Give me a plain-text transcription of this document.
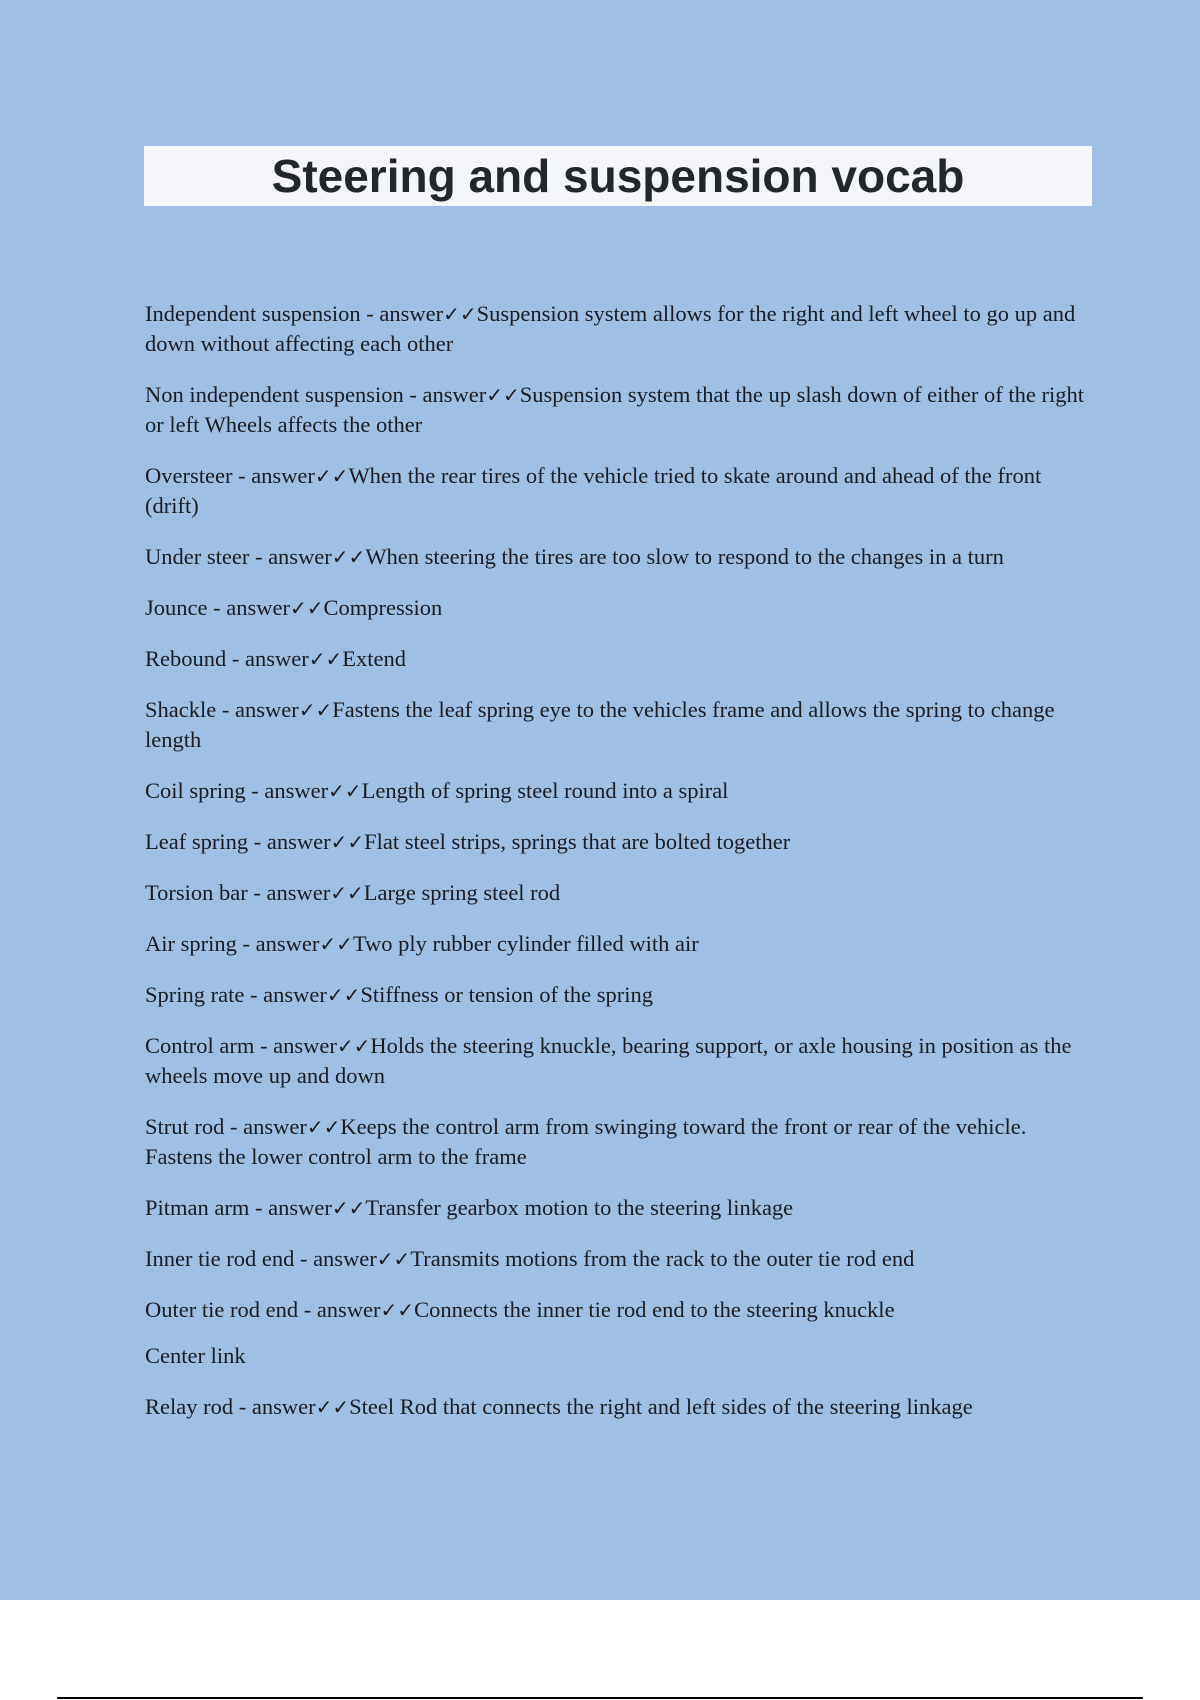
Steering and suspension vocab

Independent suspension - answer✓✓Suspension system allows for the right and left wheel to go up and down without affecting each other

Non independent suspension - answer✓✓Suspension system that the up slash down of either of the right or left Wheels affects the other

Oversteer - answer✓✓When the rear tires of the vehicle tried to skate around and ahead of the front (drift)

Under steer - answer✓✓When steering the tires are too slow to respond to the changes in a turn

Jounce - answer✓✓Compression

Rebound - answer✓✓Extend

Shackle - answer✓✓Fastens the leaf spring eye to the vehicles frame and allows the spring to change length

Coil spring - answer✓✓Length of spring steel round into a spiral

Leaf spring - answer✓✓Flat steel strips, springs that are bolted together

Torsion bar - answer✓✓Large spring steel rod

Air spring - answer✓✓Two ply rubber cylinder filled with air

Spring rate - answer✓✓Stiffness or tension of the spring

Control arm - answer✓✓Holds the steering knuckle, bearing support, or axle housing in position as the wheels move up and down

Strut rod - answer✓✓Keeps the control arm from swinging toward the front or rear of the vehicle. Fastens the lower control arm to the frame

Pitman arm - answer✓✓Transfer gearbox motion to the steering linkage

Inner tie rod end - answer✓✓Transmits motions from the rack to the outer tie rod end

Outer tie rod end - answer✓✓Connects the inner tie rod end to the steering knuckle

Center link

Relay rod - answer✓✓Steel Rod that connects the right and left sides of the steering linkage
